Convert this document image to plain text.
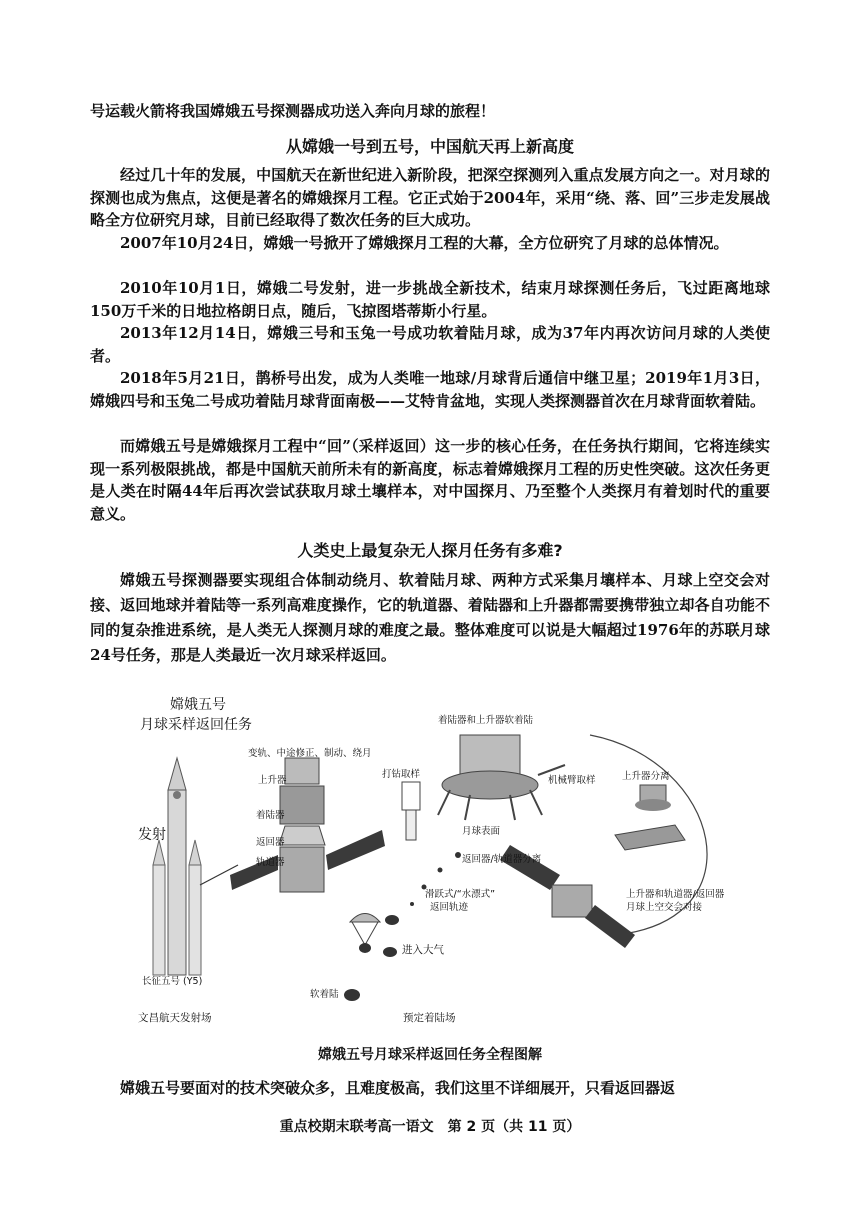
号运载火箭将我国嫦娥五号探测器成功送入奔向月球的旅程！
从嫦娥一号到五号，中国航天再上新高度

经过几十年的发展，中国航天在新世纪进入新阶段，把深空探测列入重点发展方向之一。对月球的探测也成为焦点，这便是著名的嫦娥探月工程。它正式始于2004年，采用“绕、落、回”三步走发展战略全方位研究月球，目前已经取得了数次任务的巨大成功。

2007年10月24日，嫦娥一号掀开了嫦娥探月工程的大幕，全方位研究了月球的总体情况。

2010年10月1日，嫦娥二号发射，进一步挑战全新技术，结束月球探测任务后，飞过距离地球150万千米的日地拉格朗日点，随后，飞掠图塔蒂斯小行星。

2013年12月14日，嫦娥三号和玉兔一号成功软着陆月球，成为37年内再次访问月球的人类使者。

2018年5月21日，鹊桥号出发，成为人类唯一地球/月球背后通信中继卫星；2019年1月3日，嫦娥四号和玉兔二号成功着陆月球背面南极——艾特肯盆地，实现人类探测器首次在月球背面软着陆。

而嫦娥五号是嫦娥探月工程中“回”（采样返回）这一步的核心任务，在任务执行期间，它将连续实现一系列极限挑战，都是中国航天前所未有的新高度，标志着嫦娥探月工程的历史性突破。这次任务更是人类在时隔44年后再次尝试获取月球土壤样本，对中国探月、乃至整个人类探月有着划时代的重要意义。

人类史上最复杂无人探月任务有多难?

嫦娥五号探测器要实现组合体制动绕月、软着陆月球、两种方式采集月壤样本、月球上空交会对接、返回地球并着陆等一系列高难度操作，它的轨道器、着陆器和上升器都需要携带独立却各自功能不同的复杂推进系统，是人类无人探测月球的难度之最。整体难度可以说是大幅超过1976年的苏联月球24号任务，那是人类最近一次月球采样返回。

嫦娥五号
月球采样返回任务
发射
长征五号 (Y5)
文昌航天发射场
变轨、中途修正、制动、绕月
上升器
着陆器
返回器
轨道器
着陆器和上升器软着陆
打钻取样
机械臂取样
月球表面
上升器分离
返回器/轨道器分离
滑跃式/“水漂式”
返回轨迹
上升器和轨道器/返回器
月球上空交会对接
进入大气
软着陆
预定着陆场
嫦娥五号月球采样返回任务全程图解
嫦娥五号要面对的技术突破众多，且难度极高，我们这里不详细展开，只看返回器返
重点校期末联考高一语文　第 2 页（共 11 页）
